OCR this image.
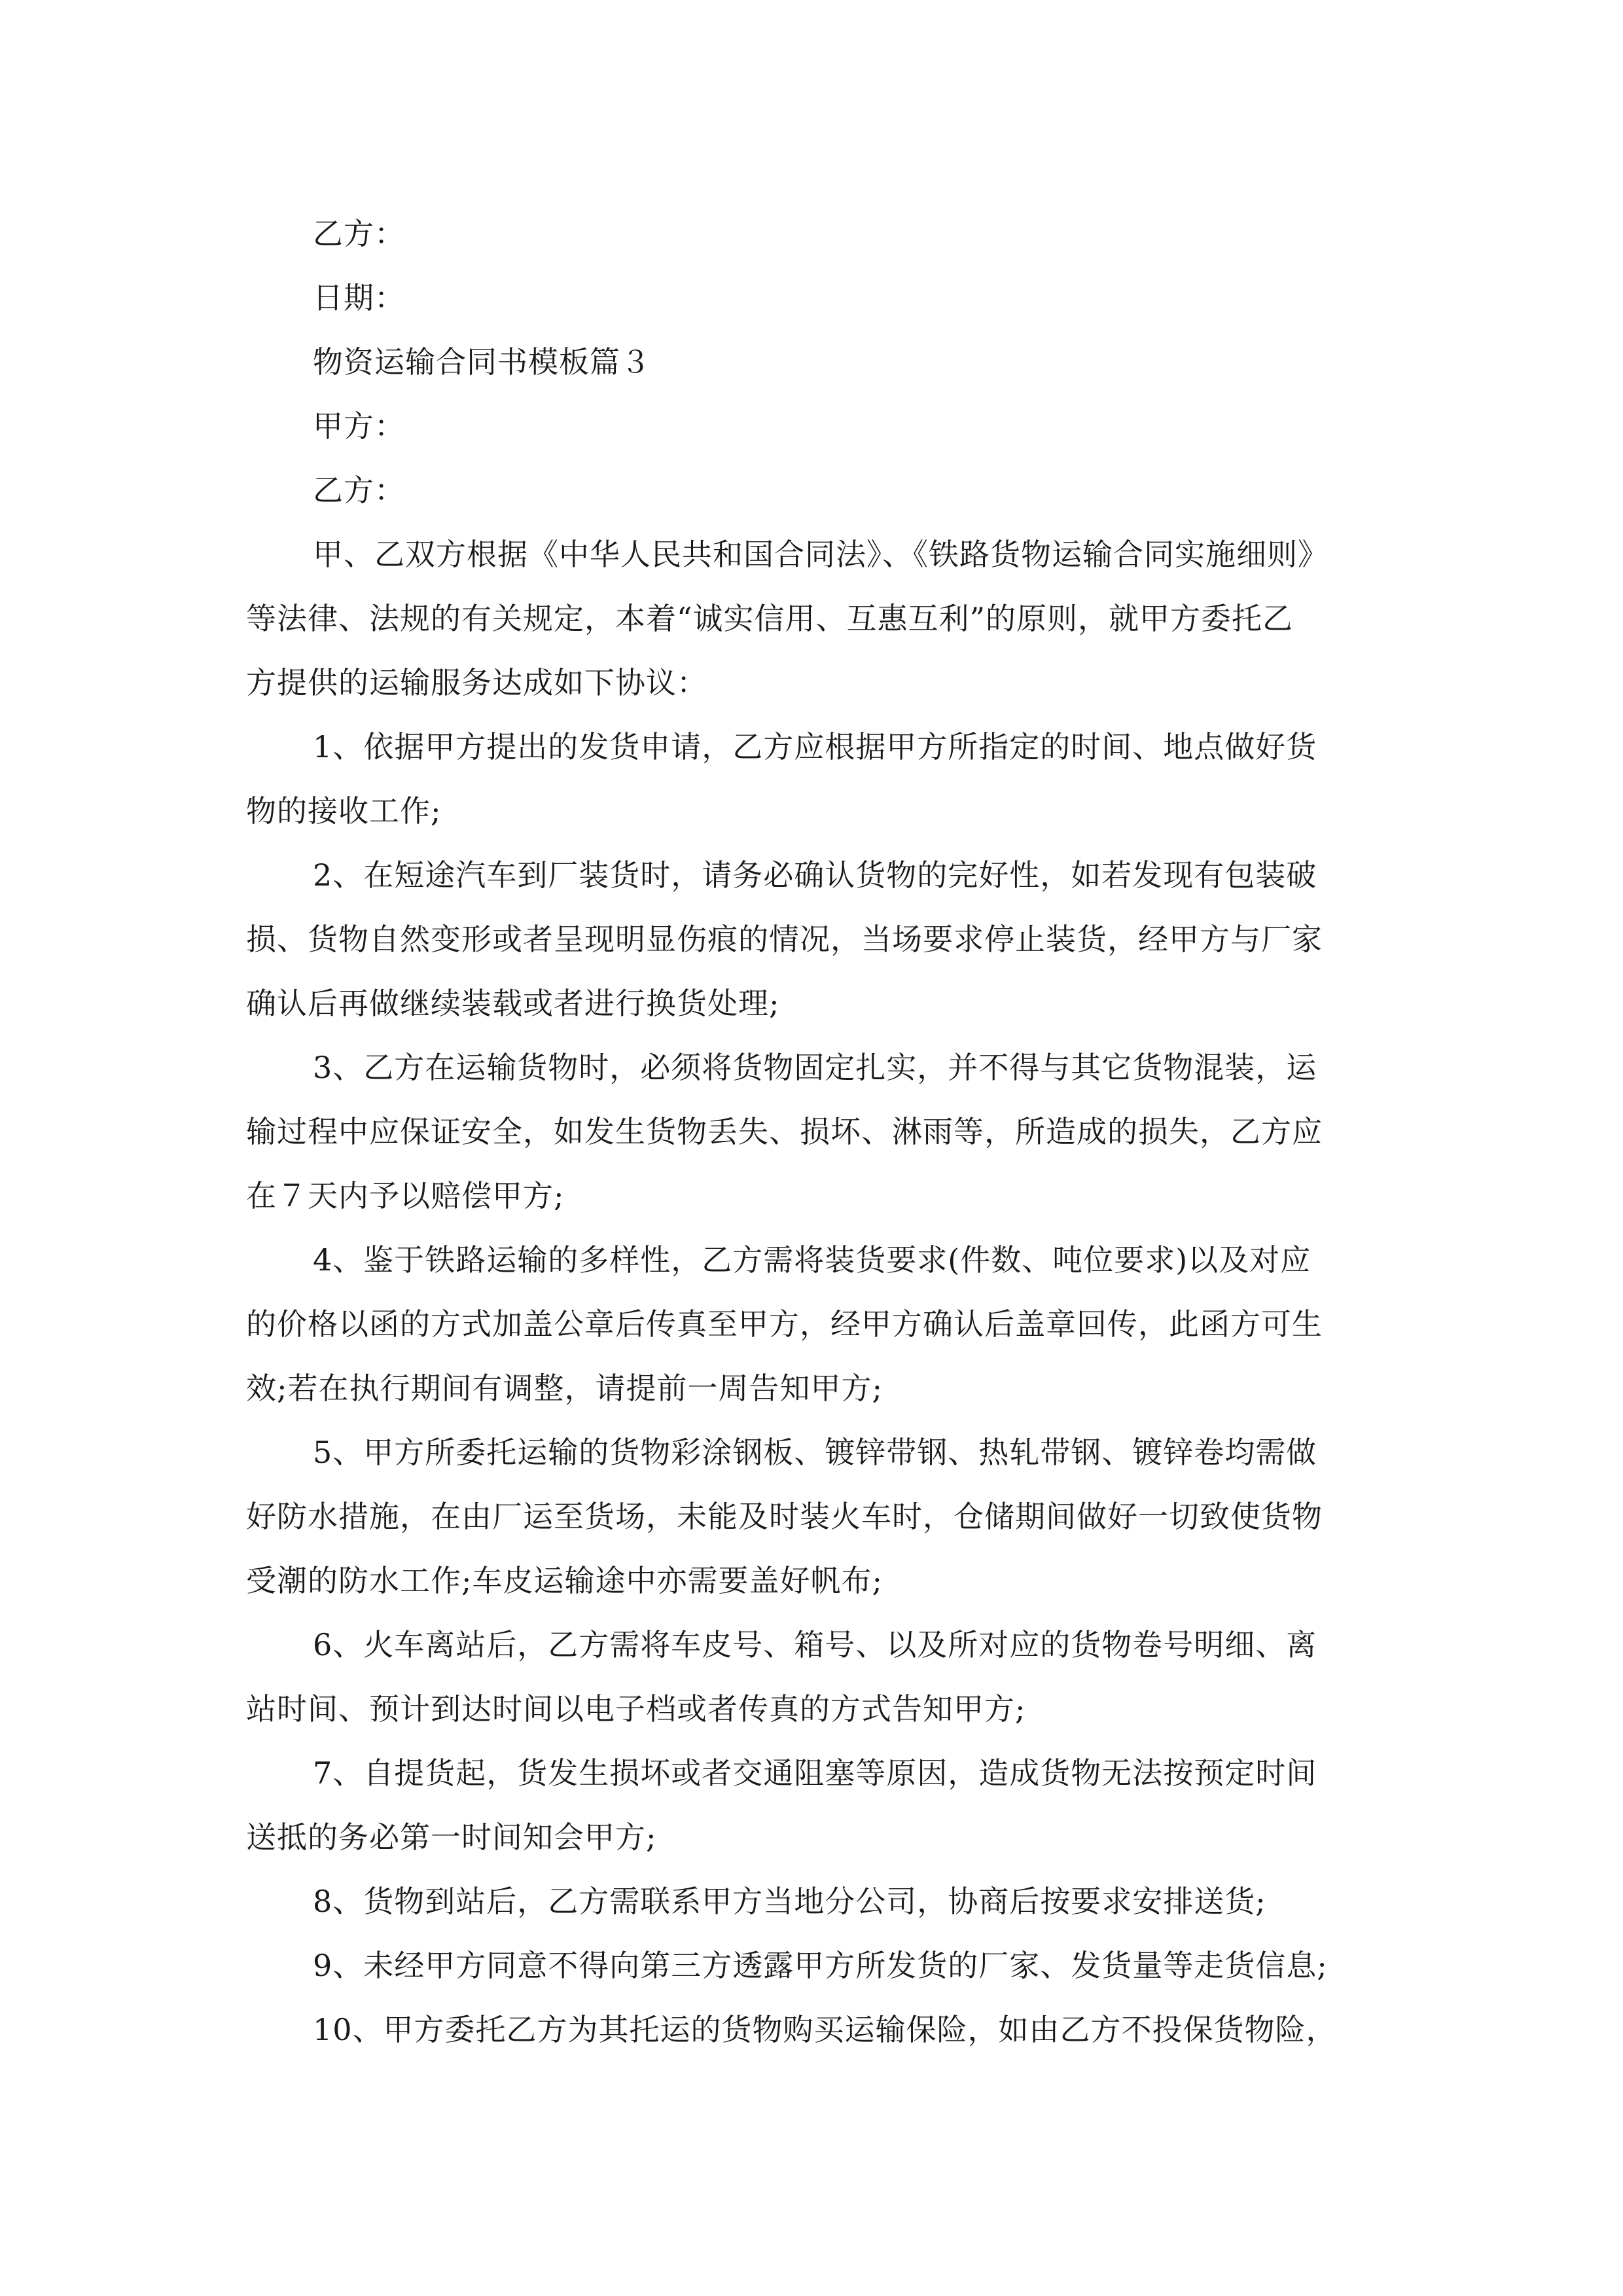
乙方：

日期：

物资运输合同书模板篇３

甲方：

乙方：

甲、乙双方根据《中华人民共和国合同法》、《铁路货物运输合同实施细则》

等法律、法规的有关规定，本着“诚实信用、互惠互利”的原则，就甲方委托乙

方提供的运输服务达成如下协议：

1、依据甲方提出的发货申请，乙方应根据甲方所指定的时间、地点做好货

物的接收工作;

2、在短途汽车到厂装货时，请务必确认货物的完好性，如若发现有包装破

损、货物自然变形或者呈现明显伤痕的情况，当场要求停止装货，经甲方与厂家

确认后再做继续装载或者进行换货处理;

3、乙方在运输货物时，必须将货物固定扎实，并不得与其它货物混装，运

输过程中应保证安全，如发生货物丢失、损坏、淋雨等，所造成的损失，乙方应

在７天内予以赔偿甲方;

4、鉴于铁路运输的多样性，乙方需将装货要求(件数、吨位要求)以及对应

的价格以函的方式加盖公章后传真至甲方，经甲方确认后盖章回传，此函方可生

效;若在执行期间有调整，请提前一周告知甲方;

5、甲方所委托运输的货物彩涂钢板、镀锌带钢、热轧带钢、镀锌卷均需做

好防水措施，在由厂运至货场，未能及时装火车时，仓储期间做好一切致使货物

受潮的防水工作;车皮运输途中亦需要盖好帆布;

6、火车离站后，乙方需将车皮号、箱号、以及所对应的货物卷号明细、离

站时间、预计到达时间以电子档或者传真的方式告知甲方;

7、自提货起，货发生损坏或者交通阻塞等原因，造成货物无法按预定时间

送抵的务必第一时间知会甲方;

8、货物到站后，乙方需联系甲方当地分公司，协商后按要求安排送货;

9、未经甲方同意不得向第三方透露甲方所发货的厂家、发货量等走货信息;

10、甲方委托乙方为其托运的货物购买运输保险，如由乙方不投保货物险，
